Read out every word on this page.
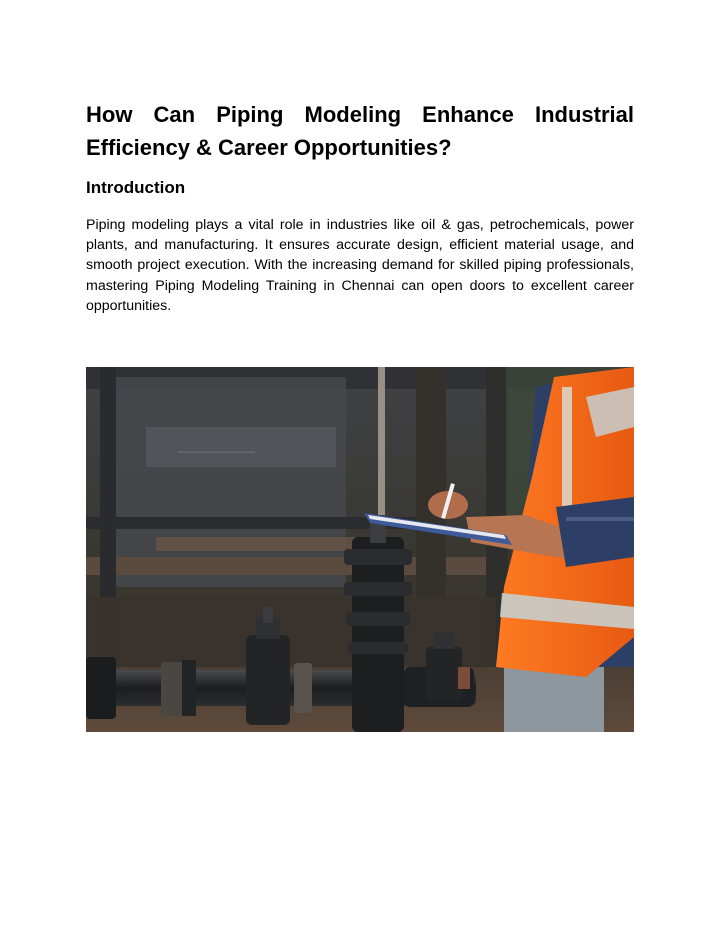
How Can Piping Modeling Enhance Industrial Efficiency & Career Opportunities?
Introduction

Piping modeling plays a vital role in industries like oil & gas, petrochemicals, power plants, and manufacturing. It ensures accurate design, efficient material usage, and smooth project execution. With the increasing demand for skilled piping professionals, mastering Piping Modeling Training in Chennai can open doors to excellent career opportunities.

———————
